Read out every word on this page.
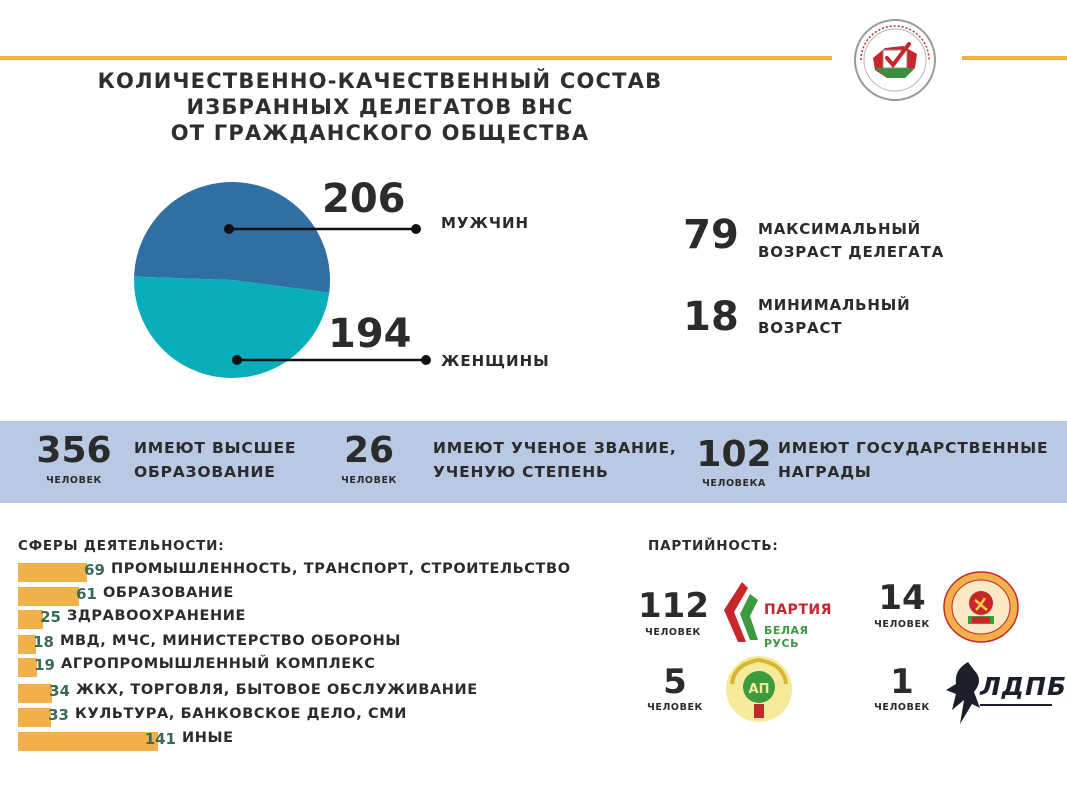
КОЛИЧЕСТВЕННО-КАЧЕСТВЕННЫЙ СОСТАВ
ИЗБРАННЫХ ДЕЛЕГАТОВ ВНС
ОТ ГРАЖДАНСКОГО ОБЩЕСТВА
206
МУЖЧИН
194
ЖЕНЩИНЫ
79	МАКСИМАЛЬНЫЙ
ВОЗРАСТ ДЕЛЕГАТА
18	МИНИМАЛЬНЫЙ
ВОЗРАСТ
356
ЧЕЛОВЕК
ИМЕЮТ ВЫСШЕЕ
ОБРАЗОВАНИЕ
26
ЧЕЛОВЕК
ИМЕЮТ УЧЕНОЕ ЗВАНИЕ,
УЧЕНУЮ СТЕПЕНЬ	102
ЧЕЛОВЕКА
ИМЕЮТ ГОСУДАРСТВЕННЫЕ
НАГРАДЫ
СФЕРЫ ДЕЯТЕЛЬНОСТИ:
69 ПРОМЫШЛЕННОСТЬ, ТРАНСПОРТ, СТРОИТЕЛЬСТВО
61 ОБРАЗОВАНИЕ
25 ЗДРАВООХРАНЕНИЕ
18 МВД, МЧС, МИНИСТЕРСТВО ОБОРОНЫ
19 АГРОПРОМЫШЛЕННЫЙ КОМПЛЕКС
34 ЖКХ, ТОРГОВЛЯ, БЫТОВОЕ ОБСЛУЖИВАНИЕ
33 КУЛЬТУРА, БАНКОВСКОЕ ДЕЛО, СМИ
141 ИНЫЕ
ПАРТИЙНОСТЬ:
112
ЧЕЛОВЕК
ПАРТИЯ
БЕЛАЯ РУСЬ
14
ЧЕЛОВЕК
5
ЧЕЛОВЕК
АП	1
ЧЕЛОВЕК
ЛДПБ
